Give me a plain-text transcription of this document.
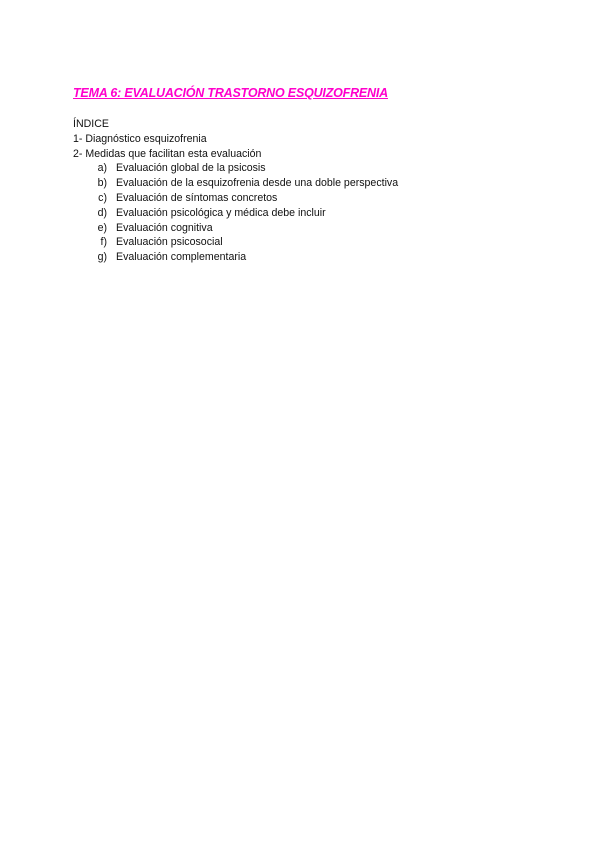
TEMA 6: EVALUACIÓN TRASTORNO ESQUIZOFRENIA
ÍNDICE
1- Diagnóstico esquizofrenia
2- Medidas que facilitan esta evaluación
a) Evaluación global de la psicosis
b) Evaluación de la esquizofrenia desde una doble perspectiva
c) Evaluación de síntomas concretos
d) Evaluación psicológica y médica debe incluir
e) Evaluación cognitiva
f) Evaluación psicosocial
g) Evaluación complementaria
